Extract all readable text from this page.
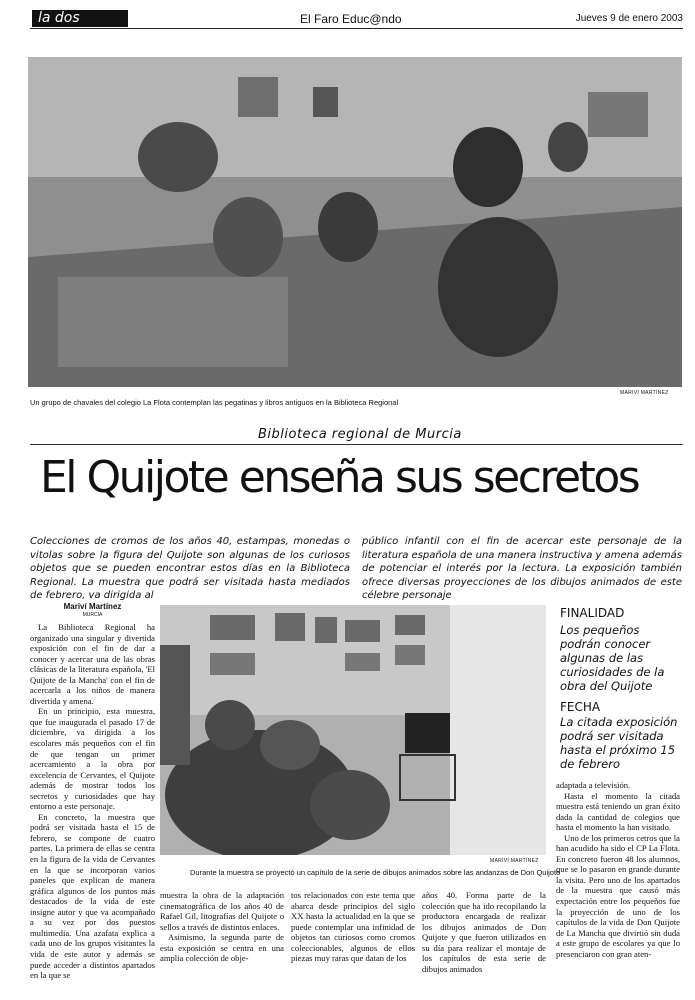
la dos	El Faro Educ@ndo	Jueves 9 de enero 2003
MARIVÍ MARTÍNEZ
Un grupo de chavales del colegio La Flota contemplan las pegatinas y libros antiguos en la Biblioteca Regional
Biblioteca regional de Murcia
El Quijote enseña sus secretos
Colecciones de cromos de los años 40, estampas, monedas o vitolas sobre la figura del Quijote son algunas de los curiosos objetos que se pueden encontrar estos días en la Biblioteca Regional. La muestra que podrá ser visitada hasta mediados de febrero, va dirigida al
público infantil con el fin de acercar este personaje de la literatura española de una manera instructiva y amena además de potenciar el interés por la lectura. La exposición también ofrece diversas proyecciones de los dibujos animados de este célebre personaje
Mariví Martínez
MURCIA

La Biblioteca Regional ha organizado una singular y divertida exposición con el fin de dar a conocer y acercar una de las obras clásicas de la literatura española, 'El Quijote de la Mancha' con el fin de acercarla a los niños de manera divertida y amena.

En un principio, esta muestra, que fue inaugurada el pasado 17 de diciembre, va dirigida a los escolares más pequeños con el fin de que tengan un primer acercamiento a la obra por excelencia de Cervantes, el Quijote además de mostrar todos los secretos y curiosidades que hay entorno a este personaje.

En concreto, la muestra que podrá ser visitada hasta el 15 de febrero, se compone de cuatro partes. La primera de ellas se centra en la figura de la vida de Cervantes en la que se incorporan varios paneles que explican de manera gráfica algunos de los puntos más destacados de la vida de este insigne autor y que va acompañado a su vez por dos puestos multimedia. Una azafata explica a cada uno de los grupos visitantes la vida de este autor y además se puede acceder a distintos apartados en la que se

MARIVÍ MARTÍNEZ
Durante la muestra se proyectó un capítulo de la serie de dibujos animados sobre las andanzas de Don Quijote
FINALIDAD
Los pequeños podrán conocer algunas de las curiosidades de la obra del Quijote
FECHA
La citada exposición podrá ser visitada hasta el próximo 15 de febrero

adaptada a televisión.

Hasta el momento la citada muestra está teniendo un gran éxito dada la cantidad de colegios que hasta el momento la han visitado.

Uno de los primeros cetros que la han acudido ha sido el CP La Flota. En concreto fueron 48 los alumnos, que se lo pasaron en grande durante la visita. Pero uno de los apartados de la muestra que causó más expectación entre los pequeños fue la proyección de uno de los capítulos de la vida de Don Quijote de La Mancha que divirtió sin duda a este grupo de escolares ya que lo presenciaron con gran aten-

muestra la obra de la adaptación cinematográfica de los años 40 de Rafael Gil, litografías del Quijote o sellos a través de distintos enlaces.

Asimismo, la segunda parte de esta exposición se centra en una amplia colección de obje-

tos relacionados con este tema que abarca desde principios del siglo XX hasta la actualidad en la que se puede contemplar una infinidad de objetos tan curiosos como cromos coleccionables, algunos de ellos piezas muy raras que datan de los

años 40. Forma parte de la colección que ha ido recopilando la productora encargada de realizar los dibujos animados de Don Quijote y que fueron utilizados en su día para realizar el montaje de los capítulos de esta serie de dibujos animados
